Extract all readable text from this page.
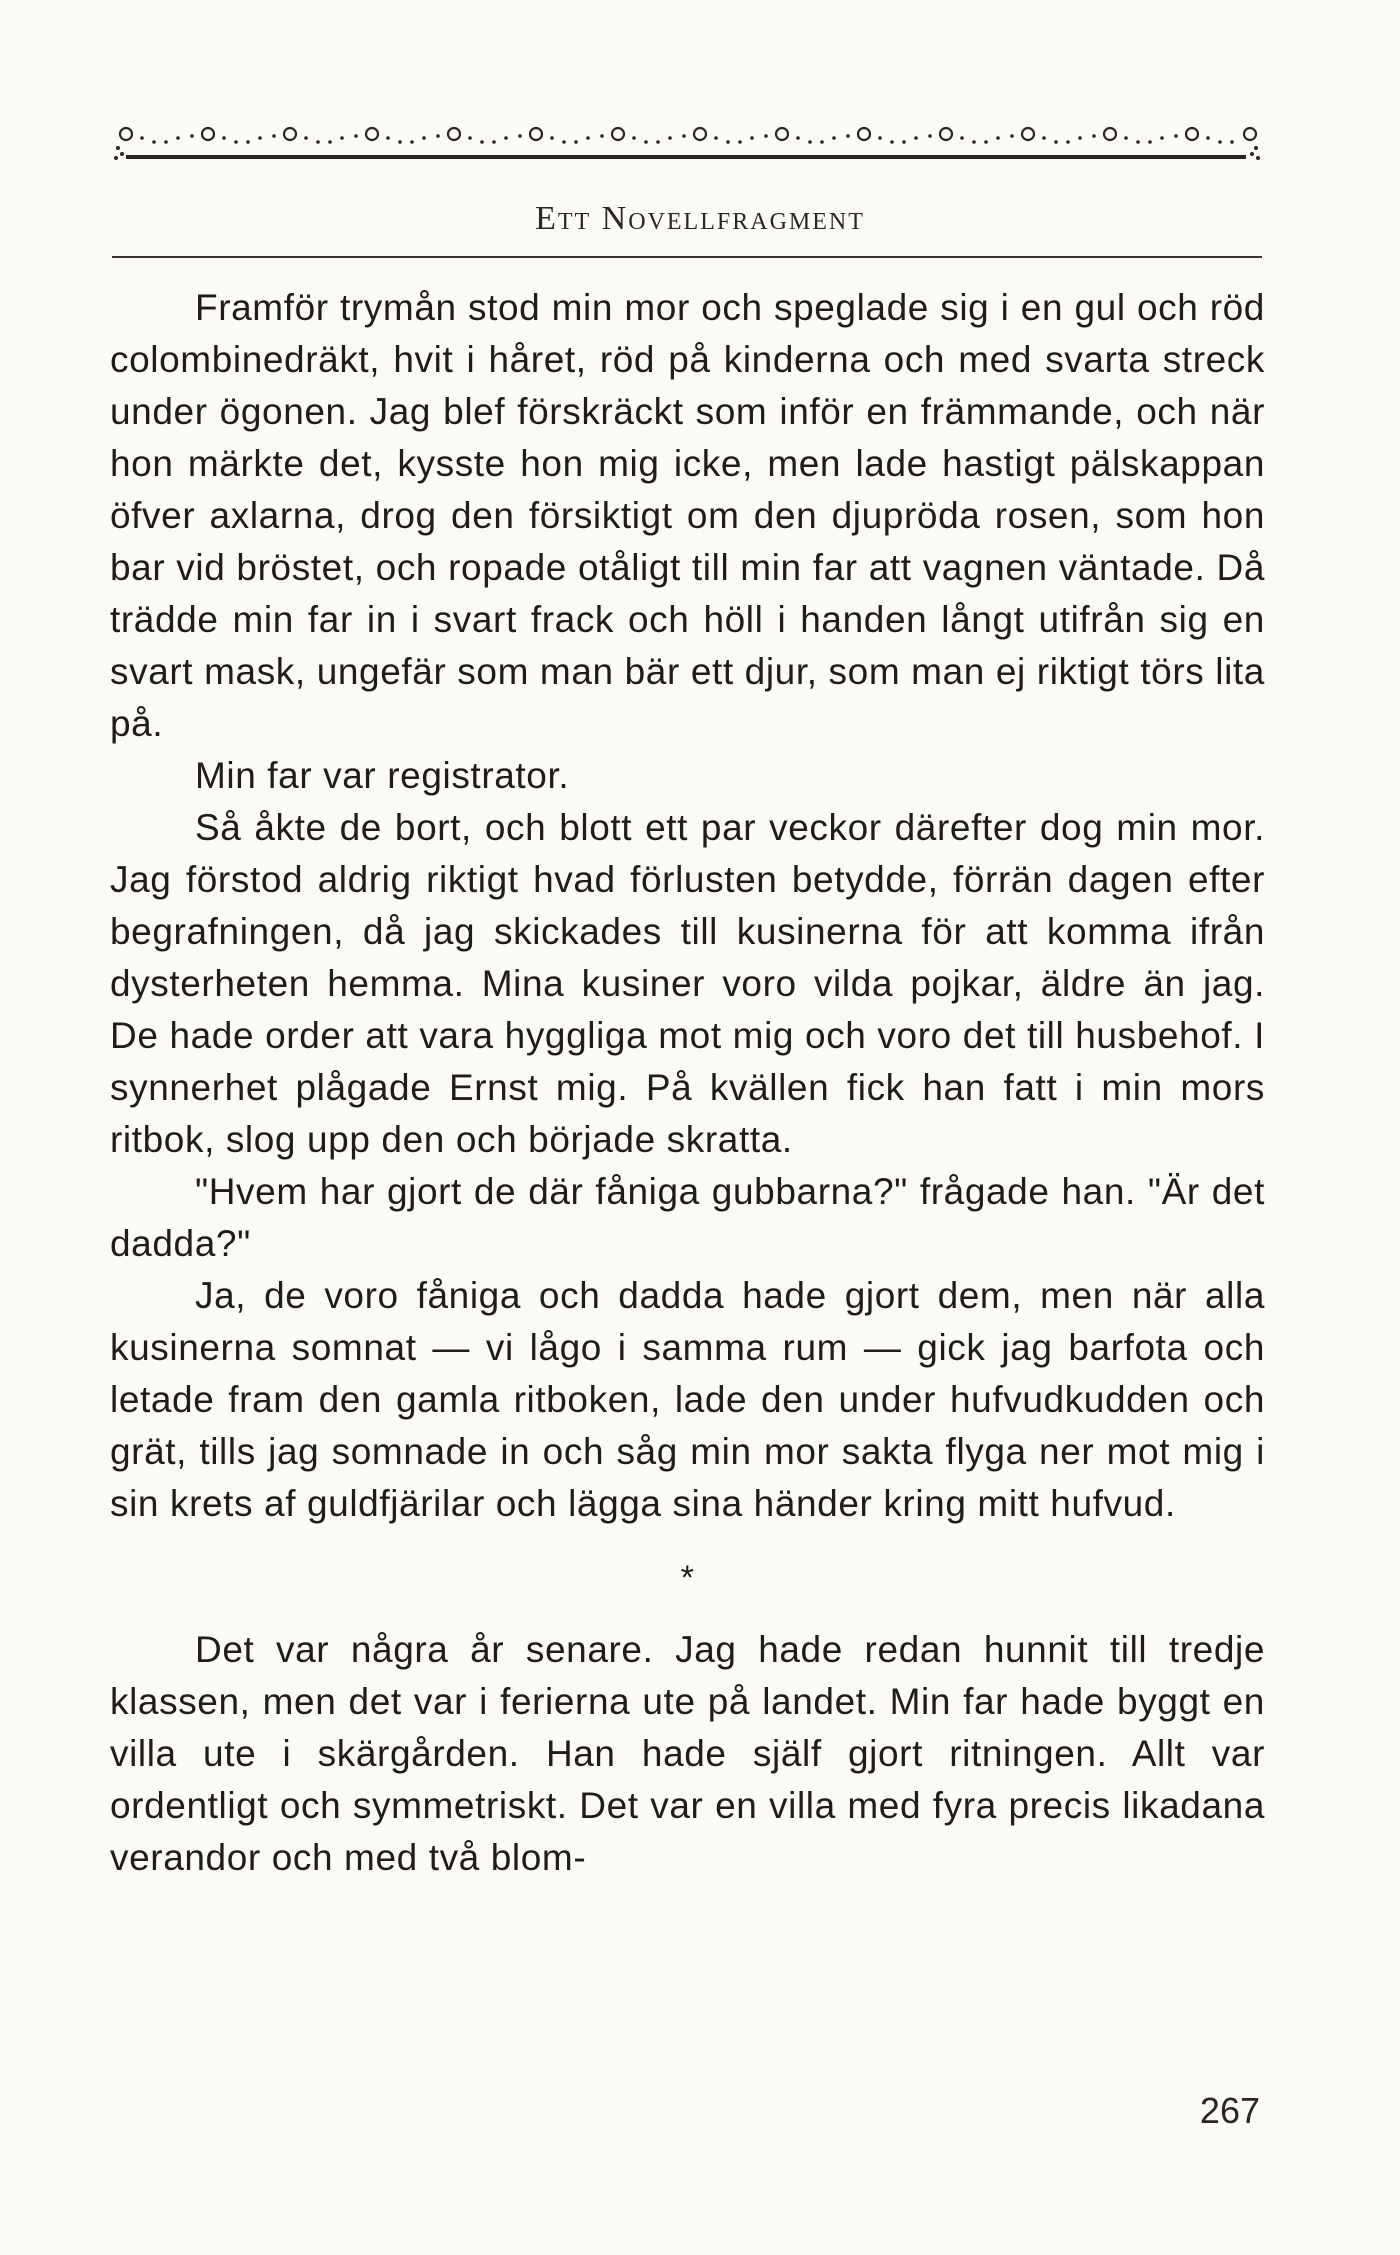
Ett Novellfragment

Framför trymån stod min mor och speglade sig i en gul och röd colombinedräkt, hvit i håret, röd på kinderna och med svarta streck under ögonen. Jag blef förskräckt som inför en främmande, och när hon märkte det, kysste hon mig icke, men lade hastigt pälskappan öfver axlarna, drog den försiktigt om den djupröda rosen, som hon bar vid bröstet, och ropade otåligt till min far att vagnen väntade. Då trädde min far in i svart frack och höll i handen långt utifrån sig en svart mask, ungefär som man bär ett djur, som man ej riktigt törs lita på.

Min far var registrator.

Så åkte de bort, och blott ett par veckor därefter dog min mor. Jag förstod aldrig riktigt hvad förlusten betydde, förrän dagen efter begrafningen, då jag skickades till kusinerna för att komma ifrån dysterheten hemma. Mina kusiner voro vilda pojkar, äldre än jag. De hade order att vara hyggliga mot mig och voro det till husbehof. I synnerhet plågade Ernst mig. På kvällen fick han fatt i min mors ritbok, slog upp den och började skratta.

"Hvem har gjort de där fåniga gubbarna?" frågade han. "Är det dadda?"

Ja, de voro fåniga och dadda hade gjort dem, men när alla kusinerna somnat — vi lågo i samma rum — gick jag barfota och letade fram den gamla ritboken, lade den under hufvudkudden och grät, tills jag somnade in och såg min mor sakta flyga ner mot mig i sin krets af guldfjärilar och lägga sina händer kring mitt hufvud.

*

Det var några år senare. Jag hade redan hunnit till tredje klassen, men det var i ferierna ute på landet. Min far hade byggt en villa ute i skärgården. Han hade själf gjort ritningen. Allt var ordentligt och symmetriskt. Det var en villa med fyra precis likadana verandor och med två blom-

267
